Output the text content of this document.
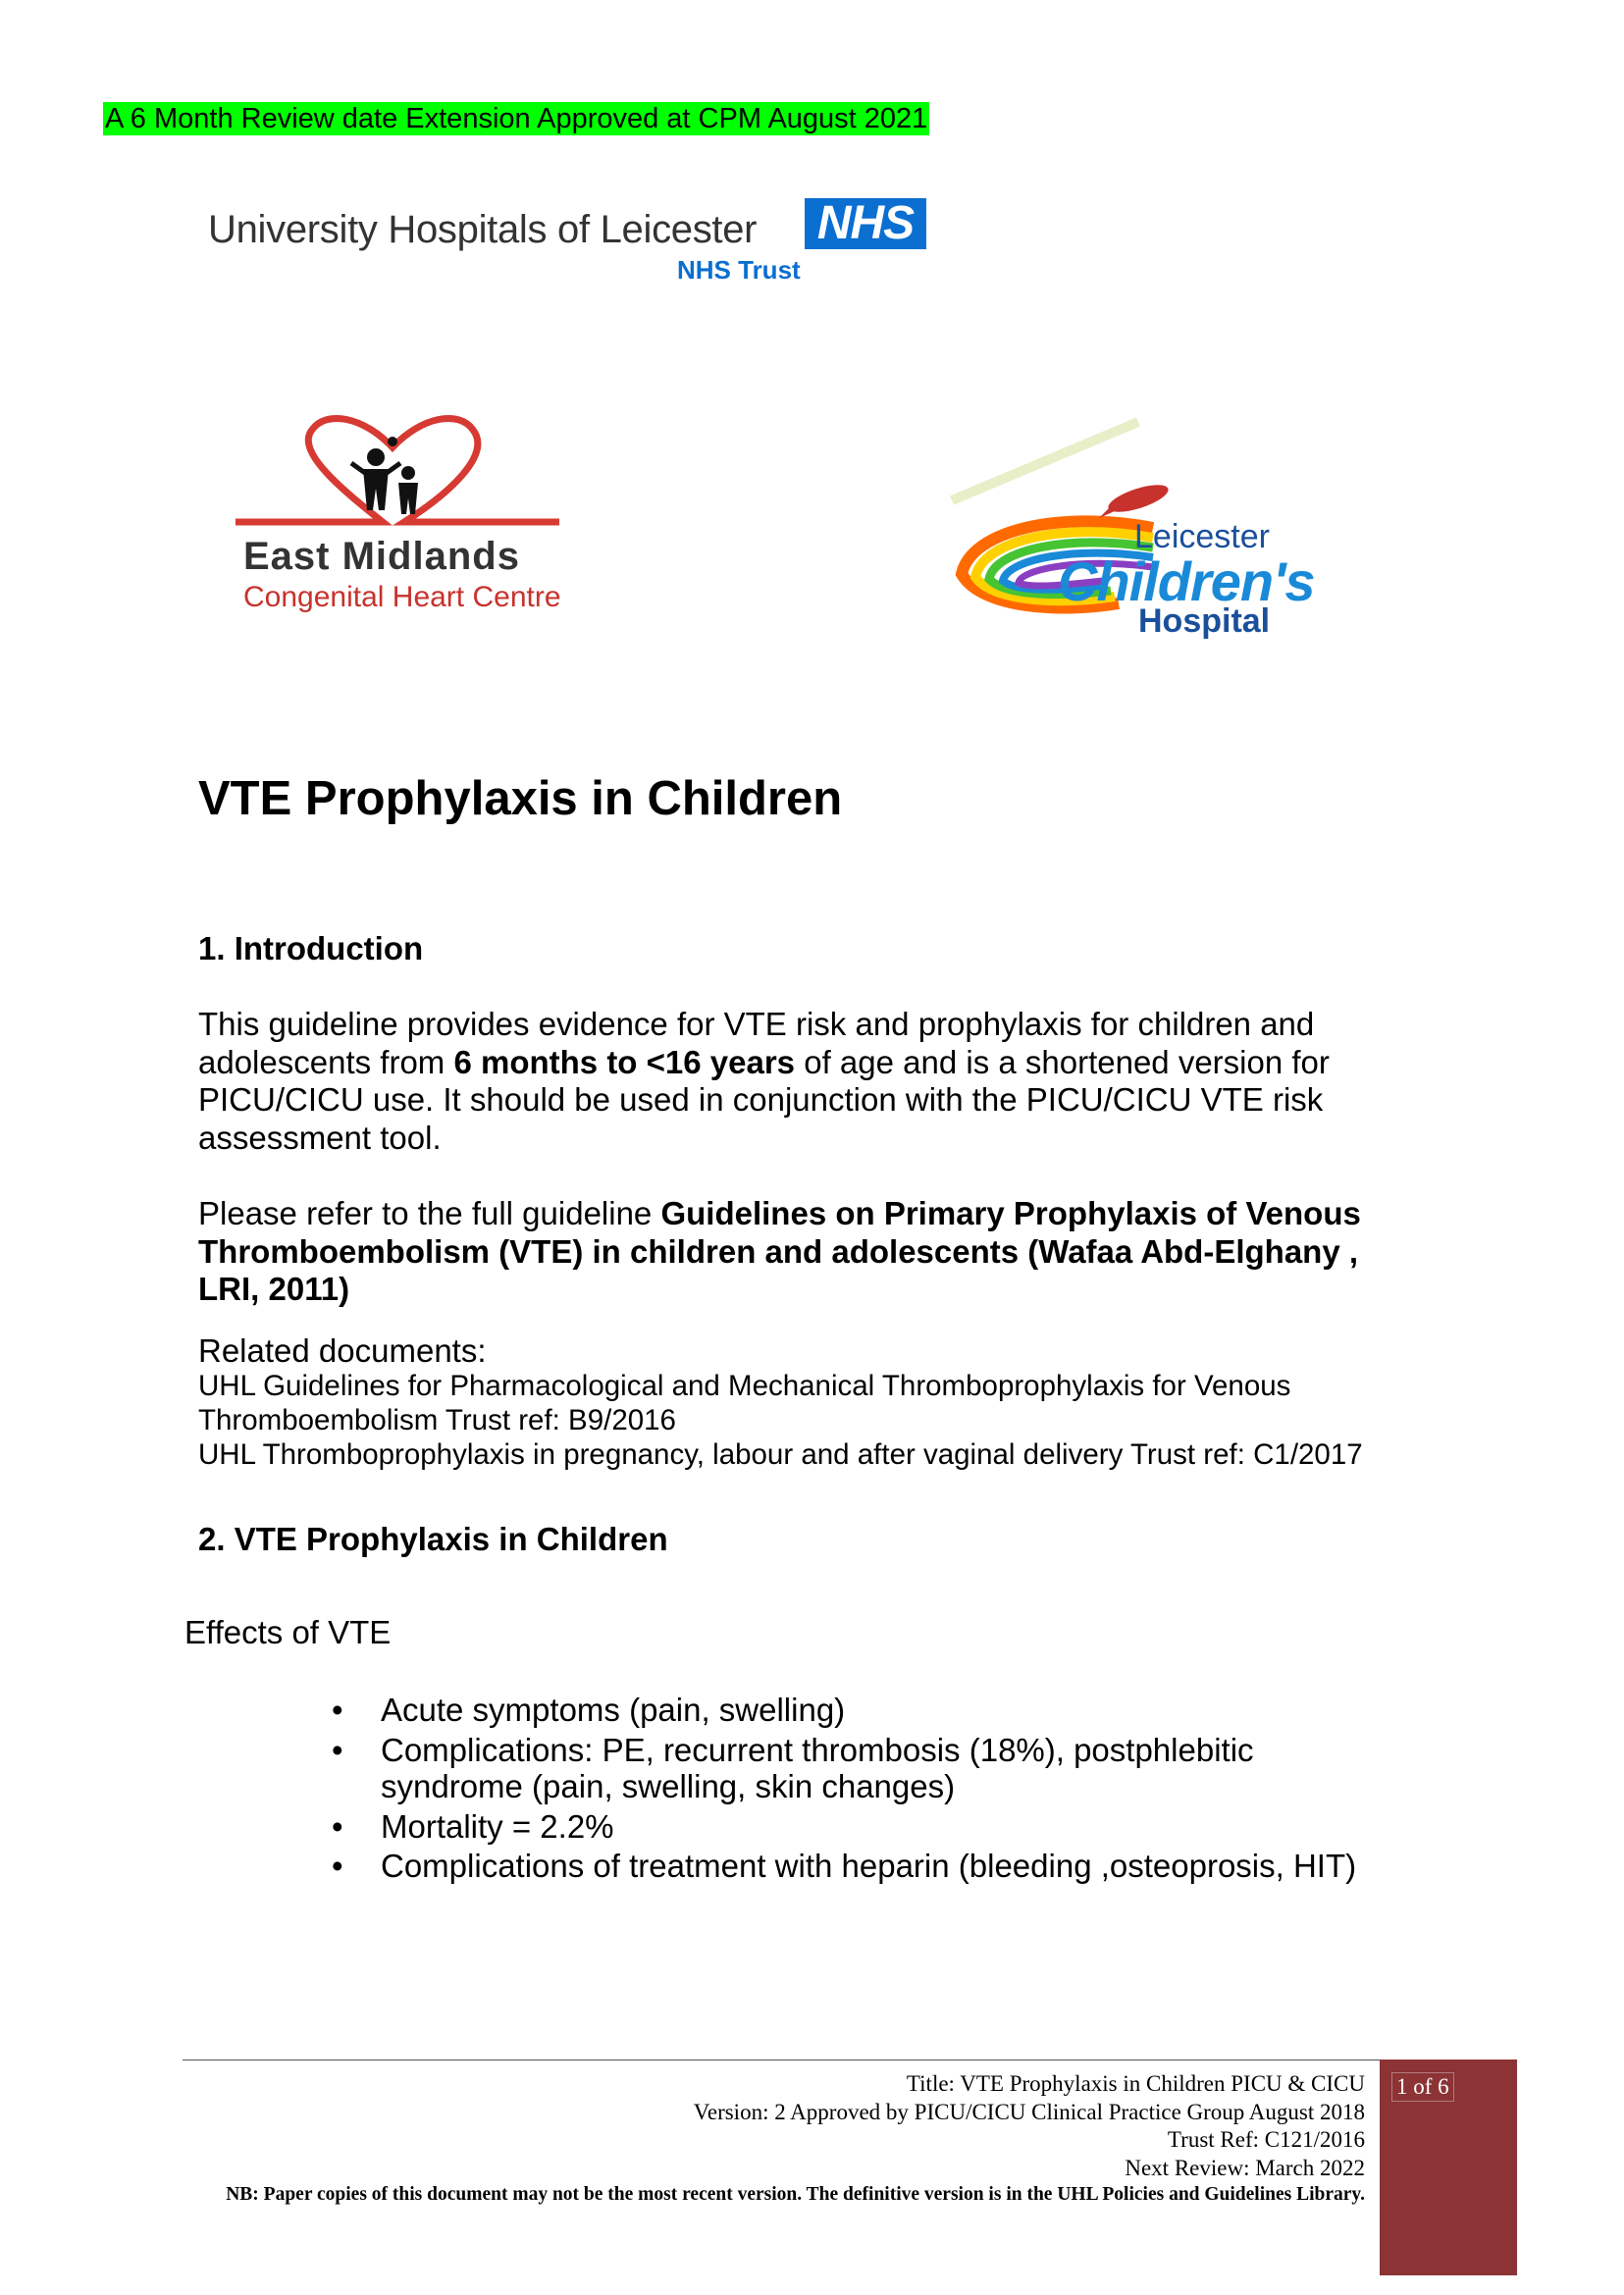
A 6 Month Review date Extension Approved at CPM August 2021
University Hospitals of Leicester NHS
NHS Trust
East Midlands
Congenital Heart Centre
Leicester
Children's
Hospital
VTE Prophylaxis in Children
1. Introduction
This guideline provides evidence for VTE risk and prophylaxis for children and adolescents from 6 months to <16 years of age and is a shortened version for PICU/CICU use. It should be used in conjunction with the PICU/CICU VTE risk assessment tool.
Please refer to the full guideline Guidelines on Primary Prophylaxis of Venous Thromboembolism (VTE) in children and adolescents (Wafaa Abd-Elghany , LRI, 2011)
Related documents:
UHL Guidelines for Pharmacological and Mechanical Thromboprophylaxis for Venous Thromboembolism Trust ref: B9/2016
UHL Thromboprophylaxis in pregnancy, labour and after vaginal delivery Trust ref: C1/2017
2. VTE Prophylaxis in Children
Effects of VTE
• Acute symptoms (pain, swelling)
• Complications: PE, recurrent thrombosis (18%), postphlebitic syndrome (pain, swelling, skin changes)
• Mortality = 2.2%
• Complications of treatment with heparin (bleeding ,osteoprosis, HIT)
Title: VTE Prophylaxis in Children PICU & CICU
Version: 2 Approved by PICU/CICU Clinical Practice Group August 2018
Trust Ref: C121/2016
Next Review: March 2022
NB: Paper copies of this document may not be the most recent version. The definitive version is in the UHL Policies and Guidelines Library.
1 of 6
